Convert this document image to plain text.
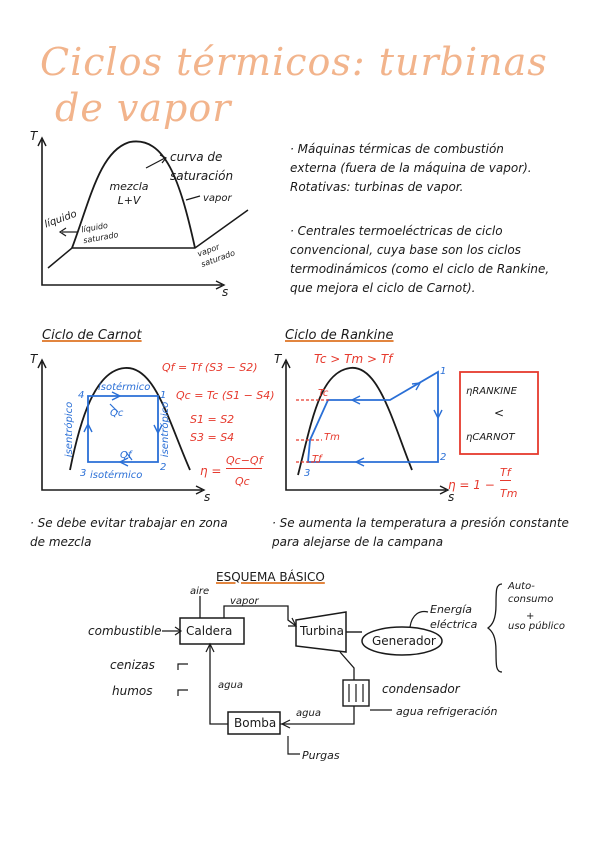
Ciclos térmicos: turbinas
de vapor
T
s
curva de saturación
mezcla L+V	vapor
líquido líquido saturado
vapor saturado
· Máquinas térmicas de combustión externa (fuera de la máquina de vapor). Rotativas: turbinas de vapor.
· Centrales termoeléctricas de ciclo convencional, cuya base son los ciclos termodinámicos (como el ciclo de Rankine, que mejora el ciclo de Carnot).
Ciclo de Carnot
T
s
isotérmico
isotérmico
isentrópico	isentrópico
Qc
Qf
1
2
3
4
Qf = Tf (S3 − S2)
Qc = Tc (S1 − S4)
S1 = S2
S3 = S4
η =
Qc−Qf
Qc
· Se debe evitar trabajar en zona de mezcla
Ciclo de Rankine
T
s
Tc > Tm > Tf
Tc
Tm
Tf
1
2
3
ηRANKINE
<
ηCARNOT
η = 1 −
Tf
Tm
· Se aumenta la temperatura a presión constante para alejarse de la campana
ESQUEMA BÁSICO
aire
vapor
combustible Caldera	Turbina
Generador
Energía eléctrica
Auto-consumo
+
uso público
cenizas
humos	agua
agua
condensador
agua refrigeración
Bomba
Purgas
